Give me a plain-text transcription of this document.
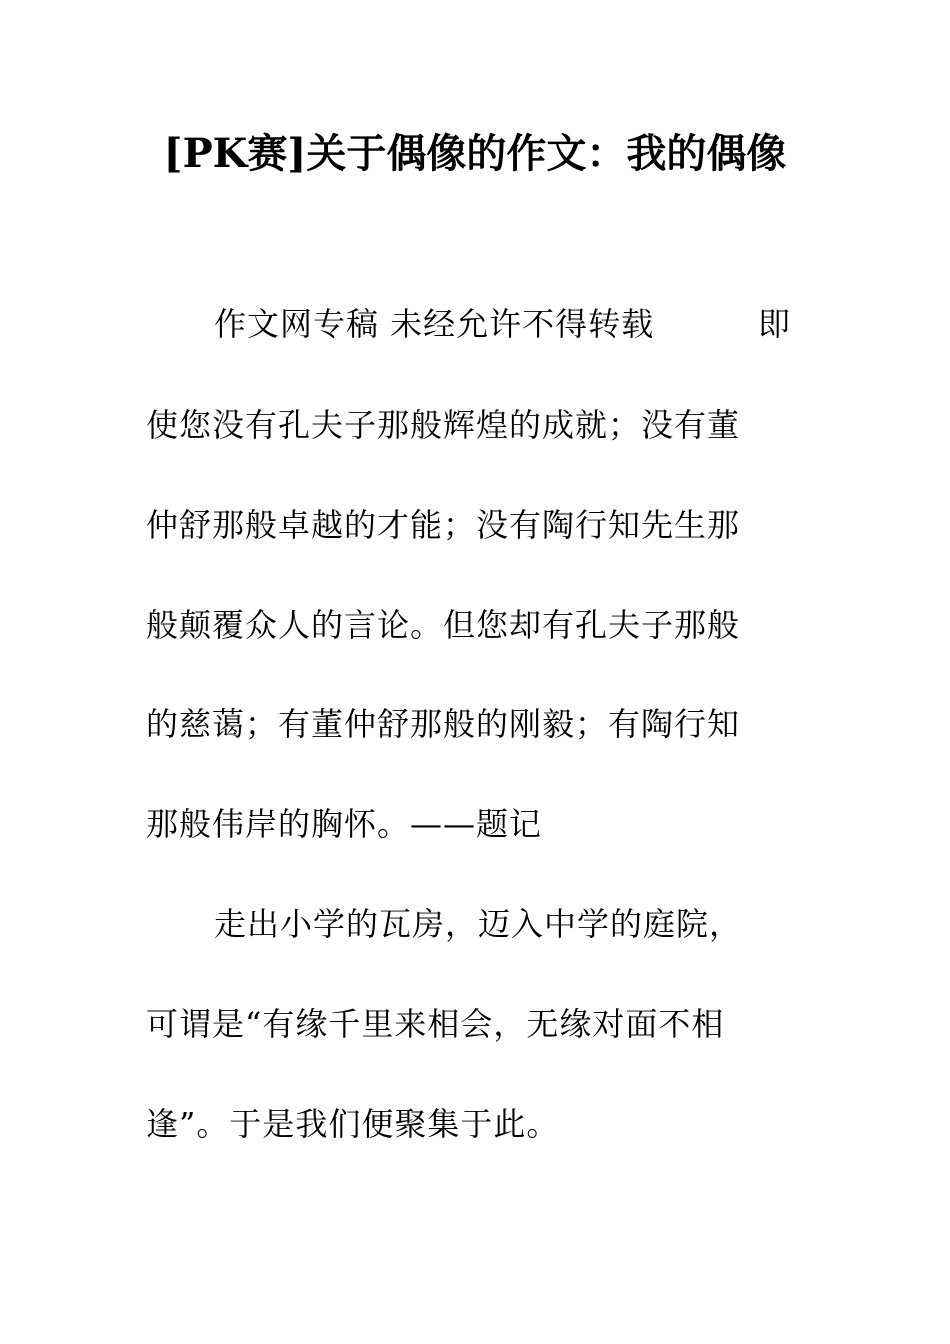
[PK赛]关于偶像的作文：我的偶像
作文网专稿 未经允许不得转载	即
使您没有孔夫子那般辉煌的成就；没有董
仲舒那般卓越的才能；没有陶行知先生那
般颠覆众人的言论。但您却有孔夫子那般
的慈蔼；有董仲舒那般的刚毅；有陶行知
那般伟岸的胸怀。——题记
走出小学的瓦房，迈入中学的庭院，
可谓是“有缘千里来相会，无缘对面不相
逢”。于是我们便聚集于此。
